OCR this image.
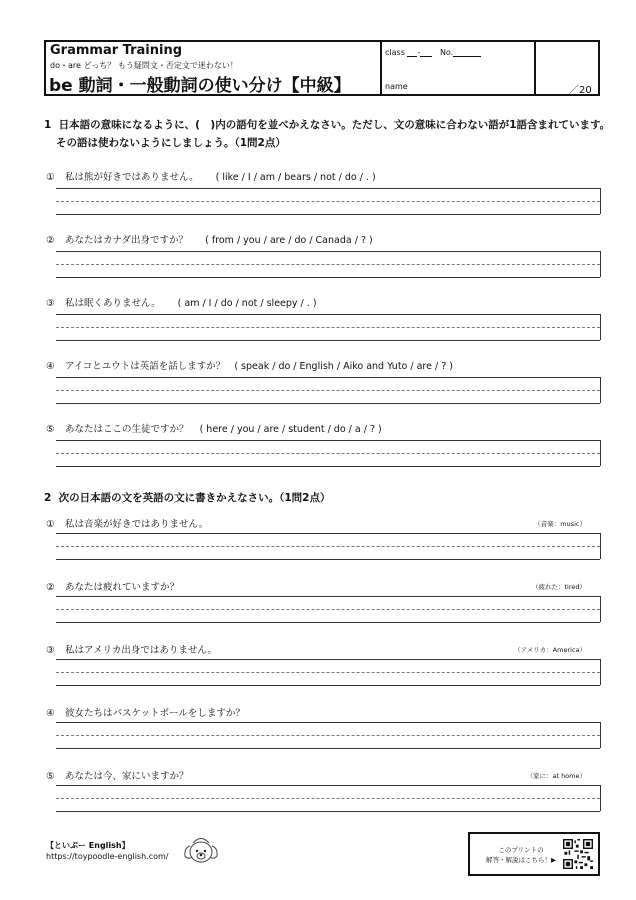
Grammar Training
do・are どっち？ もう疑問文・否定文で迷わない！
be 動詞・一般動詞の使い分け【中級】
class - No.
name	／20
1 日本語の意味になるように、(　)内の語句を並べかえなさい。ただし、文の意味に合わない語が1語含まれています。
その語は使わないようにしましょう。（1問2点）
① 私は熊が好きではありません。 ( like / I / am / bears / not / do / . )
② あなたはカナダ出身ですか？ ( from / you / are / do / Canada / ? )
③ 私は眠くありません。 ( am / I / do / not / sleepy / . )
④ アイコとユウトは英語を話しますか？ ( speak / do / English / Aiko and Yuto / are / ? )
⑤ あなたはここの生徒ですか？ ( here / you / are / student / do / a / ? )
2 次の日本語の文を英語の文に書きかえなさい。（1問2点）
① 私は音楽が好きではありません。	（音楽：music）
② あなたは疲れていますか？	（疲れた：tired）
③ 私はアメリカ出身ではありません。	（アメリカ：America）
④ 彼女たちはバスケットボールをしますか？
⑤ あなたは今、家にいますか？	（家に：at home）
【といぷー English】
https://toypoodle-english.com/
このプリントの
解答・解説はこちら！▶
